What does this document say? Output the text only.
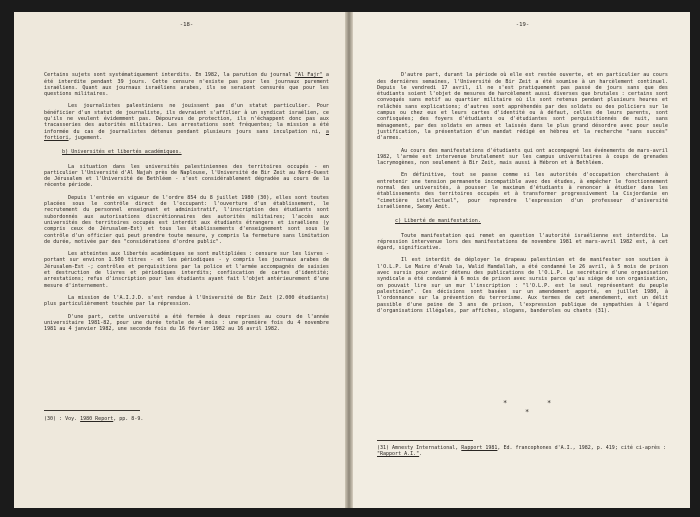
-18-

Certains sujets sont systématiquement interdits. En 1982, la parution du journal "Al Fajr" a été interdite pendant 39 jours. Cette censure n'existe pas pour les journaux purement israéliens. Quant aux journaux israéliens arabes, ils se seraient censurés que pour les questions militaires.

Les journalistes palestiniens ne jouissent pas d'un statut particulier. Pour bénéficier d'un statut de journaliste, ils devraient s'affilier à un syndicat israélien, ce qu'ils ne veulent évidemment pas. Dépourvus de protection, ils n'échappent donc pas aux tracasseries des autorités militaires. Les arrestations sont fréquentes; la mission a été informée du cas de journalistes détenus pendant plusieurs jours sans inculpation ni, a fortiori, jugement.

b) Universités et libertés académiques.

La situation dans les universités palestiniennes des territoires occupés - en particulier l'Université d'Al Najah près de Naplouse, l'Université de Bir Zeit au Nord-Ouest de Jérusalem et l'Université de Bethléem - s'est considérablement dégradée au cours de la récente période.

Depuis l'entrée en vigueur de l'ordre 854 du 8 juillet 1980 (30), elles sont toutes placées sous le contrôle direct de l'occupant: l'ouverture d'un établissement, le recrutement du personnel enseignant et administratif, l'inscription des étudiants sont subordonnés aux autorisations discrétionnaires des autorités militaires; l'accès aux universités des territoires occupés est interdit aux étudiants étrangers et israéliens (y compris ceux de Jérusalem-Est) et tous les établissements d'enseignement sont sous le contrôle d'un officier qui peut prendre toute mesure, y compris la fermeture sans limitation de durée, motivée par des "considérations d'ordre public".

Les atteintes aux libertés académiques se sont multipliées : censure sur les livres - portant sur environ 1.500 titres - et les périodiques - y compris les journaux arabes de Jérusalem-Est -; contrôles et perquisitions par la police et l'armée accompagnés de saisies et destruction de livres et périodiques interdits; confiscation de cartes d'identité; arrestations; refus d'inscription pour les étudiants ayant fait l'objet antérieurement d'une mesure d'internement.

La mission de l'A.I.J.D. s'est rendue à l'Université de Bir Zeit (2.000 étudiants) plus particulièrement touchée par la répression.

D'une part, cette université a été fermée à deux reprises au cours de l'année universitaire 1981-82, pour une durée totale de 4 mois : une première fois du 4 novembre 1981 au 4 janvier 1982, une seconde fois du 16 février 1982 au 16 avril 1982.

(30) : Voy. 1980 Report, pp. 8-9.
-19-

D'autre part, durant la période où elle est restée ouverte, et en particulier au cours des dernières semaines, l'Université de Bir Zeit a été soumise à un harcèlement continuel. Depuis le vendredi 17 avril, il ne s'est pratiquement pas passé de jours sans que des étudiants soient l'objet de mesures de harcèlement aussi diverses que brutales : certains sont convoqués sans motif au quartier militaire où ils sont retenus pendant plusieurs heures et relâchés sans explications; d'autres sont appréhendés par des soldats ou des policiers sur le campus ou chez eux et leurs cartes d'identité ou à défaut, celles de leurs parents, sont confisquées; des foyers d'étudiants ou d'étudiantes sont perquisitionnés de nuit, sans ménagement, par des soldats en armes et laissés dans le plus grand désordre avec pour seule justification, la présentation d'un mandat rédigé en hébreu et la recherche "sans succès" d'armes.

Au cours des manifestations d'étudiants qui ont accompagné les événements de mars-avril 1982, l'armée est intervenue brutalement sur les campus universitaires à coups de grenades lacrymogènes, non seulement à Bir Zeit, mais aussi à Hébron et à Bethléem.

En définitive, tout se passe comme si les autorités d'occupation cherchaient à entretenir une tension permanente incompatible avec des études, à empêcher le fonctionnement normal des universités, à pousser le maximum d'étudiants à renoncer à étudier dans les établissements des territoires occupés et à transformer progressivement la Cisjordanie en "cimetière intellectuel", pour reprendre l'expression d'un professeur d'université israélienne, Swomy Amit.

c) Liberté de manifestation.

Toute manifestation qui remet en question l'autorité israélienne est interdite. La répression intervenue lors des manifestations de novembre 1981 et mars-avril 1982 est, à cet égard, significative.

Il est interdit de déployer le drapeau palestinien et de manifester son soutien à l'O.L.P. Le Maire d'Anab la, Walid Hamdallah, a été condamné le 26 avril, à 5 mois de prison avec sursis pour avoir détenu des publications de l'O.L.P. Le secrétaire d'une organisation syndicale a été condamné à 6 mois de prison avec sursis parce qu'au siège de son organisation, on pouvait lire sur un mur l'inscription : "l'O.L.P. est le seul représentant du peuple palestinien". Ces décisions sont basées sur un amendement apporté, en juillet 1980, à l'ordonnance sur la prévention du terrorisme. Aux termes de cet amendement, est un délit passible d'une peine de 3 ans de prison, l'expression publique de sympathies à l'égard d'organisations illégales, par affiches, slogans, banderoles ou chants (31).

*
*
*
(31) Amnesty International, Rapport 1981, Ed. francophones d'A.I., 1982, p. 419; cité ci-après : "Rapport A.I.".
